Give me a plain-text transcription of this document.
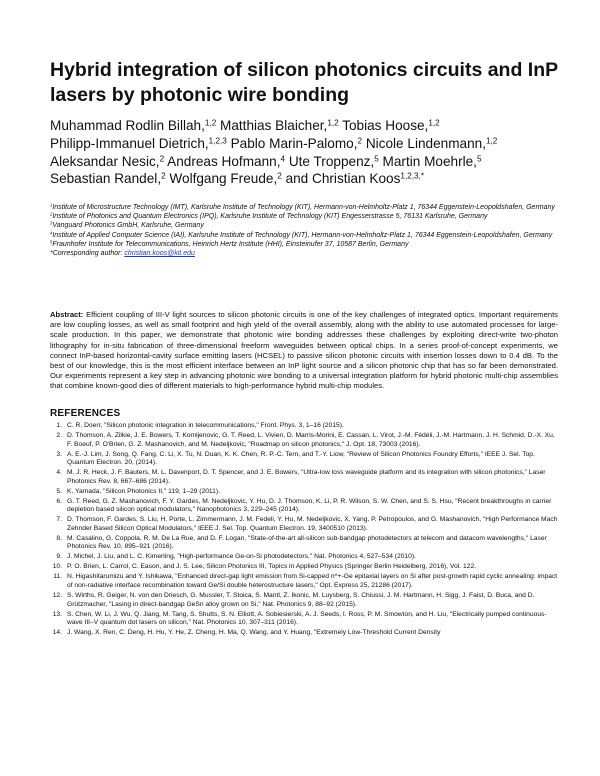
Hybrid integration of silicon photonics circuits and InP lasers by photonic wire bonding
Muhammad Rodlin Billah,$^{1,2}$ Matthias Blaicher,$^{1,2}$ Tobias Hoose,$^{1,2}$
Philipp-Immanuel Dietrich,$^{1,2,3}$ Pablo Marin-Palomo,$^2$ Nicole Lindenmann,$^{1,2}$
Aleksandar Nesic,$^2$ Andreas Hofmann,$^4$ Ute Troppenz,$^5$ Martin Moehrle,$^5$
Sebastian Randel,$^2$ Wolfgang Freude,$^2$ and Christian Koos$^{1,2,3,*}$

$^1$Institute of Microstructure Technology (IMT), Karlsruhe Institute of Technology (KIT), Hermann-von-Helmholtz-Platz 1, 76344 Eggenstein-Leopoldshafen, Germany

$^2$Institute of Photonics and Quantum Electronics (IPQ), Karlsruhe Institute of Technology (KIT) Engesserstrasse 5, 76131 Karlsruhe, Germany

$^3$Vanguard Photonics GmbH, Karlsruhe, Germany

$^4$Institute of Applied Computer Science (IAI), Karlsruhe Institute of Technology (KIT), Hermann-von-Helmholtz-Platz 1, 76344 Eggenstein-Leopoldshafen, Germany

$^5$Fraunhofer Institute for Telecommunications, Heinrich Hertz Institute (HHI), Einsteinufer 37, 10587 Berlin, Germany

*Corresponding author: christian.koos@kit.edu

Abstract: Efficient coupling of III-V light sources to silicon photonic circuits is one of the key challenges of integrated optics. Important requirements are low coupling losses, as well as small footprint and high yield of the overall assembly, along with the ability to use automated processes for large-scale production. In this paper, we demonstrate that photonic wire bonding addresses these challenges by exploiting direct-write two-photon lithography for in-situ fabrication of three-dimensional freeform waveguides between optical chips. In a series proof-of-concept experiments, we connect InP-based horizontal-cavity surface emitting lasers (HCSEL) to passive silicon photonic circuits with insertion losses down to 0.4 dB. To the best of our knowledge, this is the most efficient interface between an InP light source and a silicon photonic chip that has so far been demonstrated. Our experiments represent a key step in advancing photonic wire bonding to a universal integration platform for hybrid photonic multi-chip assemblies that combine known-good dies of different materials to high-performance hybrid multi-chip modules.
REFERENCES
1. C. R. Doerr, "Silicon photonic integration in telecommunications," Front. Phys. 3, 1–16 (2015).
2. D. Thomson, A. Zilkie, J. E. Bowers, T. Komljenovic, G. T. Reed, L. Vivien, D. Marris-Morini, E. Cassan, L. Virot, J.-M. Fédéli, J.-M. Hartmann, J. H. Schmid, D.-X. Xu, F. Boeuf, P. O'Brien, G. Z. Mashanovich, and M. Nedeljkovic, "Roadmap on silicon photonics," J. Opt. 18, 73003 (2016).
3. A. E.-J. Lim, J. Song, Q. Fang, C. Li, X. Tu, N. Duan, K. K. Chen, R. P.-C. Tern, and T.-Y. Liow, "Review of Silicon Photonics Foundry Efforts," IEEE J. Sel. Top. Quantum Electron. 20, (2014).
4. M. J. R. Heck, J. F. Bauters, M. L. Davenport, D. T. Spencer, and J. E. Bowers, "Ultra-low loss waveguide platform and its integration with silicon photonics," Laser Photonics Rev. 8, 667–686 (2014).
5. K. Yamada, "Silicon Photonics II," 119, 1–29 (2011).
6. G. T. Reed, G. Z. Mashanovich, F. Y. Gardes, M. Nedeljkovic, Y. Hu, D. J. Thomson, K. Li, P. R. Wilson, S. W. Chen, and S. S. Hsu, "Recent breakthroughs in carrier depletion based silicon optical modulators," Nanophotonics 3, 229–245 (2014).
7. D. Thomson, F. Gardes, S. Liu, H. Porte, L. Zimmermann, J. M. Fedeli, Y. Hu, M. Nedeljkovic, X. Yang, P. Petropoulos, and G. Mashanovich, "High Performance Mach Zehnder Based Silicon Optical Modulators," IEEE J. Sel. Top. Quantum Electron. 19, 3400510 (2013).
8. M. Casalino, G. Coppola, R. M. De La Rue, and D. F. Logan, "State-of-the-art all-silicon sub-bandgap photodetectors at telecom and datacom wavelengths," Laser Photonics Rev. 10, 895–921 (2016).
9. J. Michel, J. Liu, and L. C. Kimerling, "High-performance Ge-on-Si photodetectors," Nat. Photonics 4, 527–534 (2010).
10. P. O. Brien, L. Carrol, C. Eason, and J. S. Lee, Silicon Photonics III, Topics in Applied Physics (Springer Berlin Heidelberg, 2016), Vol. 122.
11. N. Higashitarumizu and Y. Ishikawa, "Enhanced direct-gap light emission from Si-capped n^+-Ge epitaxial layers on Si after post-growth rapid cyclic annealing: impact of non-radiative interface recombination toward Ge/Si double heterostructure lasers," Opt. Express 25, 21286 (2017).
12. S. Wirths, R. Geiger, N. von den Driesch, G. Mussler, T. Stoica, S. Mantl, Z. Ikonic, M. Luysberg, S. Chiussi, J. M. Hartmann, H. Sigg, J. Faist, D. Buca, and D. Grützmacher, "Lasing in direct-bandgap GeSn alloy grown on Si," Nat. Photonics 9, 88–92 (2015).
13. S. Chen, W. Li, J. Wu, Q. Jiang, M. Tang, S. Shutts, S. N. Elliott, A. Sobiesierski, A. J. Seeds, I. Ross, P. M. Smowton, and H. Liu, "Electrically pumped continuous-wave III–V quantum dot lasers on silicon," Nat. Photonics 10, 307–311 (2016).
14. J. Wang, X. Ren, C. Deng, H. Hu, Y. He, Z. Cheng, H. Ma, Q. Wang, and Y. Huang, "Extremely Low-Threshold Current Density
